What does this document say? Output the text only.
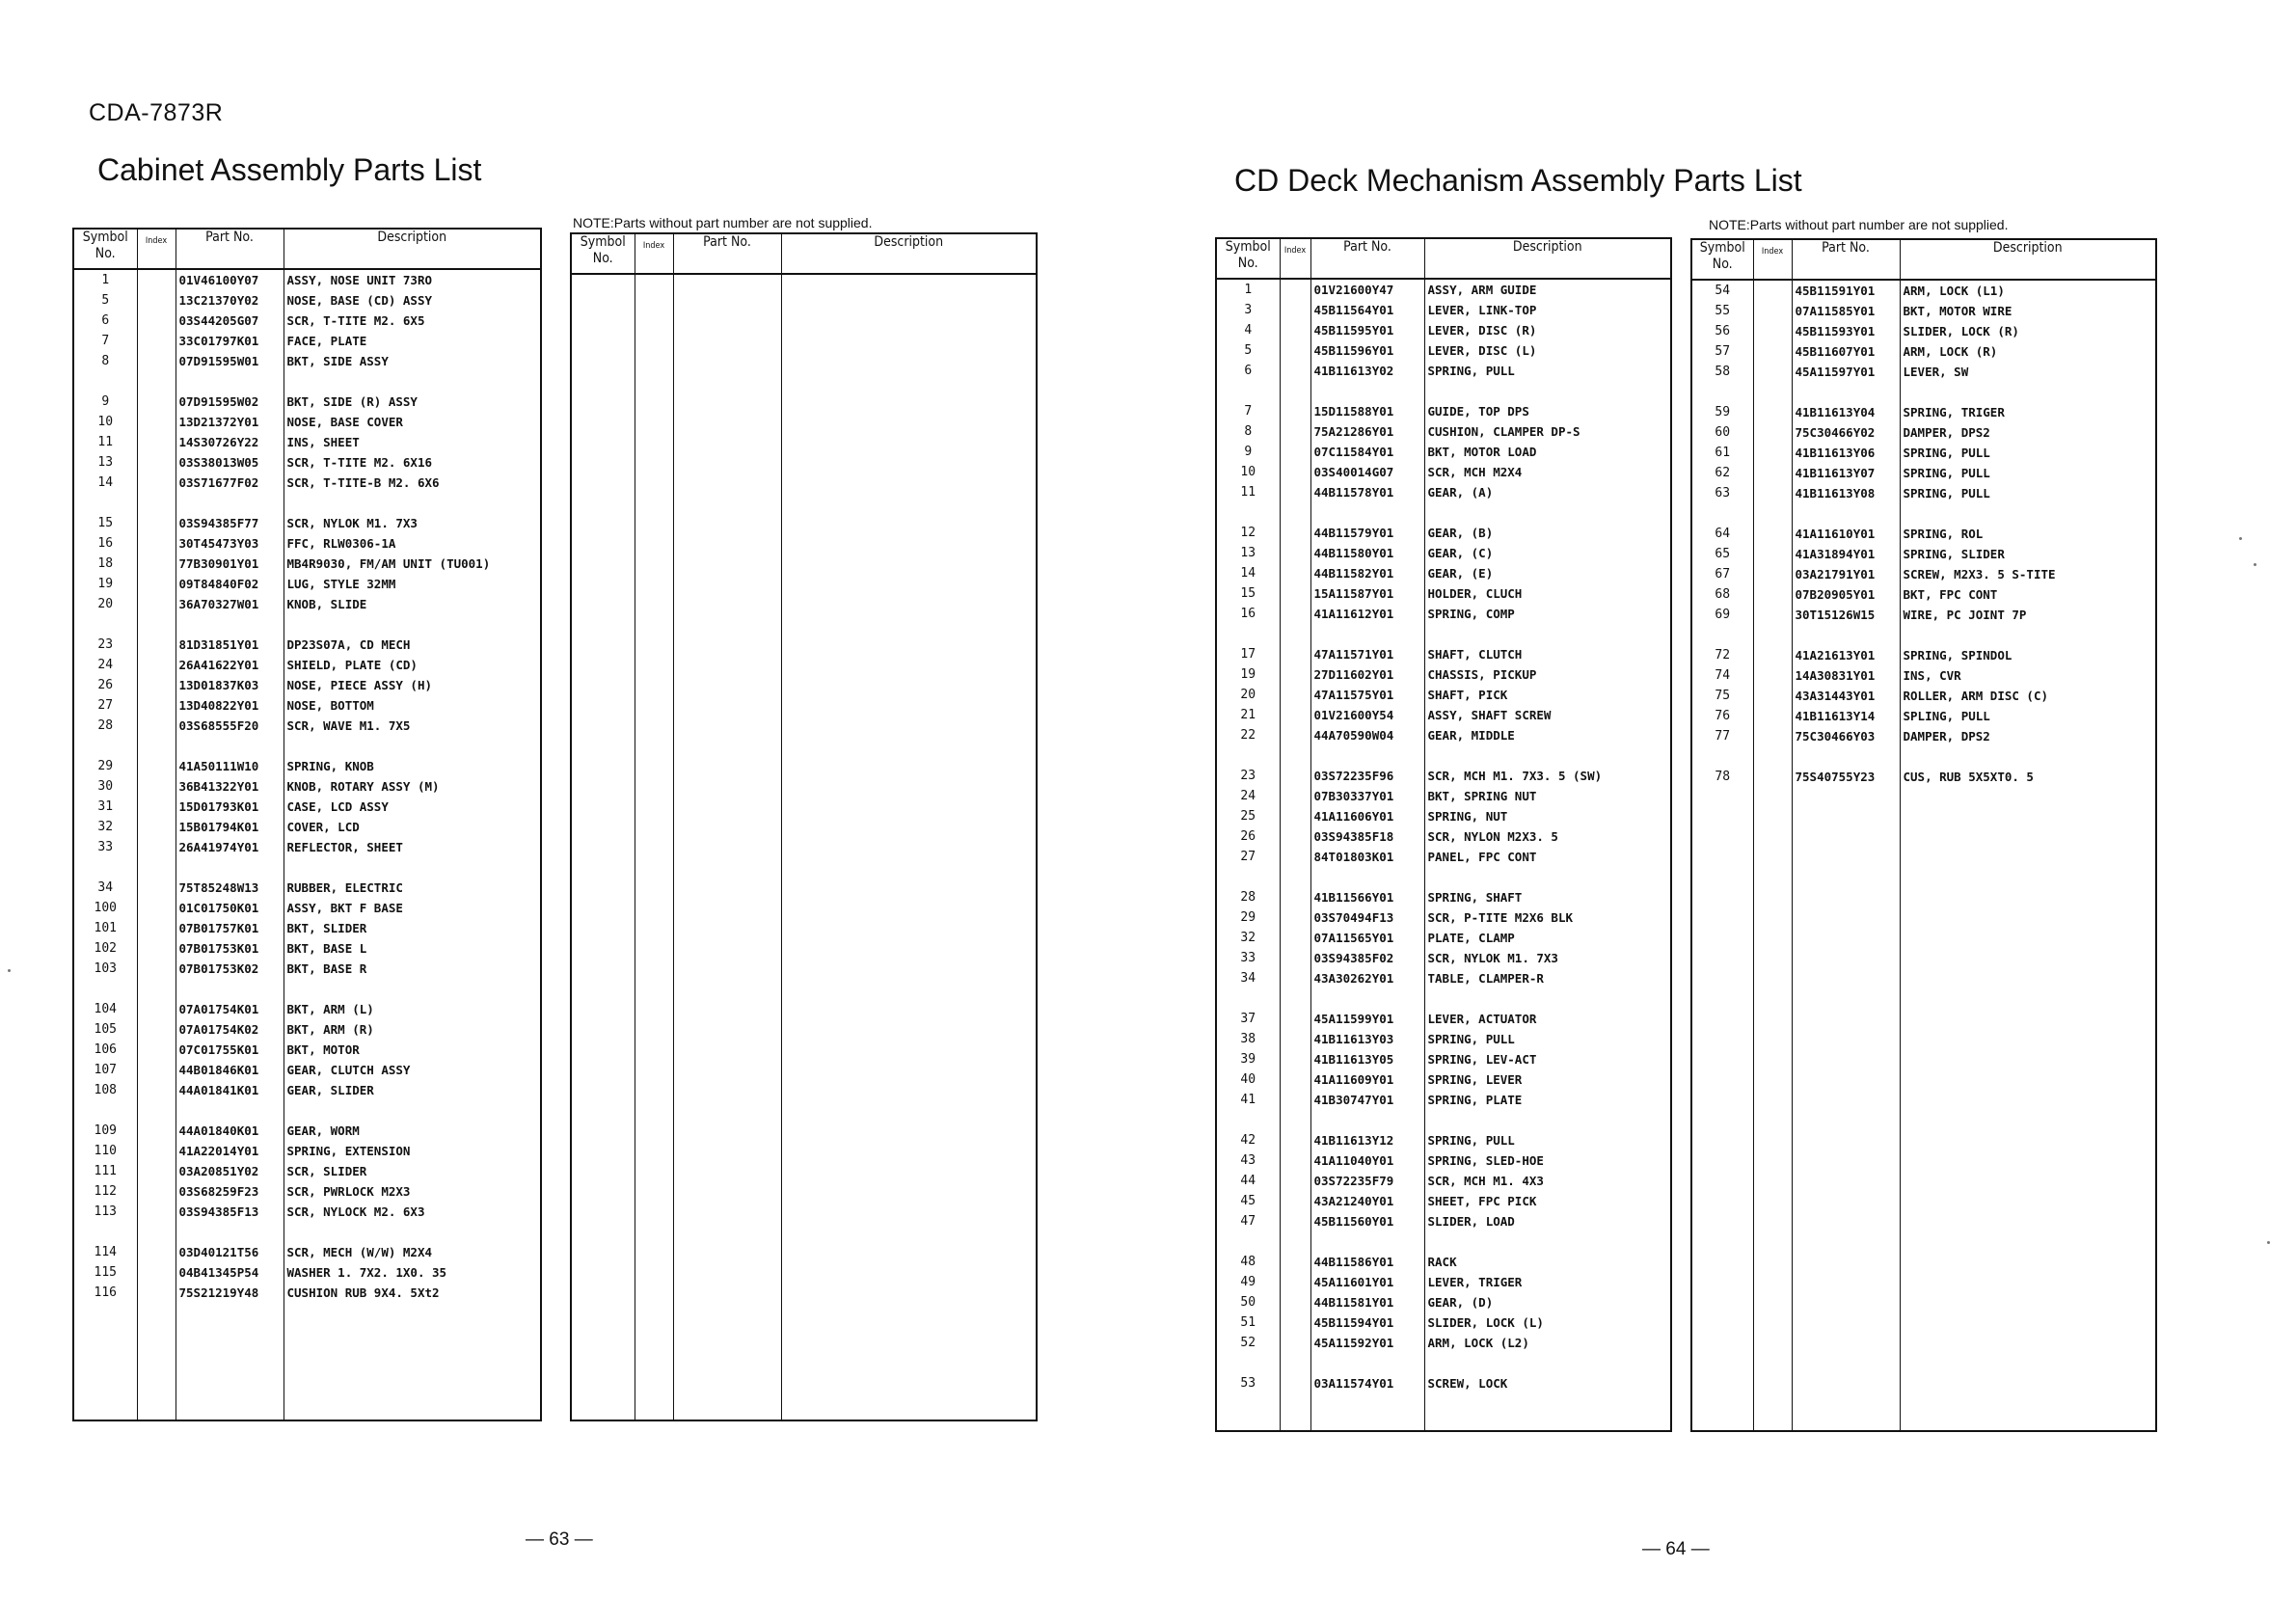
CDA-7873R
Cabinet Assembly Parts List	CD Deck Mechanism Assembly Parts List
NOTE:Parts without part number are not supplied.	NOTE:Parts without part number are not supplied.
Symbol No.	Index	Part No.	Description
1		01V46100Y07	ASSY, NOSE UNIT 73RO
5		13C21370Y02	NOSE, BASE (CD) ASSY
6		03S44205G07	SCR, T-TITE M2. 6X5
7		33C01797K01	FACE, PLATE
8		07D91595W01	BKT, SIDE ASSY

9		07D91595W02	BKT, SIDE (R) ASSY
10		13D21372Y01	NOSE, BASE COVER
11		14S30726Y22	INS, SHEET
13		03S38013W05	SCR, T-TITE M2. 6X16
14		03S71677F02	SCR, T-TITE-B M2. 6X6

15		03S94385F77	SCR, NYLOK M1. 7X3
16		30T45473Y03	FFC, RLW0306-1A
18		77B30901Y01	MB4R9030, FM/AM UNIT (TU001)
19		09T84840F02	LUG, STYLE 32MM
20		36A70327W01	KNOB, SLIDE

23		81D31851Y01	DP23S07A, CD MECH
24		26A41622Y01	SHIELD, PLATE (CD)
26		13D01837K03	NOSE, PIECE ASSY (H)
27		13D40822Y01	NOSE, BOTTOM
28		03S68555F20	SCR, WAVE M1. 7X5

29		41A50111W10	SPRING, KNOB
30		36B41322Y01	KNOB, ROTARY ASSY (M)
31		15D01793K01	CASE, LCD ASSY
32		15B01794K01	COVER, LCD
33		26A41974Y01	REFLECTOR, SHEET

34		75T85248W13	RUBBER, ELECTRIC
100		01C01750K01	ASSY, BKT F BASE
101		07B01757K01	BKT, SLIDER
102		07B01753K01	BKT, BASE L
103		07B01753K02	BKT, BASE R

104		07A01754K01	BKT, ARM (L)
105		07A01754K02	BKT, ARM (R)
106		07C01755K01	BKT, MOTOR
107		44B01846K01	GEAR, CLUTCH ASSY
108		44A01841K01	GEAR, SLIDER

109		44A01840K01	GEAR, WORM
110		41A22014Y01	SPRING, EXTENSION
111		03A20851Y02	SCR, SLIDER
112		03S68259F23	SCR, PWRLOCK M2X3
113		03S94385F13	SCR, NYLOCK M2. 6X3

114		03D40121T56	SCR, MECH (W/W) M2X4
115		04B41345P54	WASHER 1. 7X2. 1X0. 35
116		75S21219Y48	CUSHION RUB 9X4. 5Xt2

Symbol No.	Index	Part No.	Description
				Symbol No.	Index	Part No.	Description
1		01V21600Y47	ASSY, ARM GUIDE
3		45B11564Y01	LEVER, LINK-TOP
4		45B11595Y01	LEVER, DISC (R)
5		45B11596Y01	LEVER, DISC (L)
6		41B11613Y02	SPRING, PULL

7		15D11588Y01	GUIDE, TOP DPS
8		75A21286Y01	CUSHION, CLAMPER DP-S
9		07C11584Y01	BKT, MOTOR LOAD
10		03S40014G07	SCR, MCH M2X4
11		44B11578Y01	GEAR, (A)

12		44B11579Y01	GEAR, (B)
13		44B11580Y01	GEAR, (C)
14		44B11582Y01	GEAR, (E)
15		15A11587Y01	HOLDER, CLUCH
16		41A11612Y01	SPRING, COMP

17		47A11571Y01	SHAFT, CLUTCH
19		27D11602Y01	CHASSIS, PICKUP
20		47A11575Y01	SHAFT, PICK
21		01V21600Y54	ASSY, SHAFT SCREW
22		44A70590W04	GEAR, MIDDLE

23		03S72235F96	SCR, MCH M1. 7X3. 5 (SW)
24		07B30337Y01	BKT, SPRING NUT
25		41A11606Y01	SPRING, NUT
26		03S94385F18	SCR, NYLON M2X3. 5
27		84T01803K01	PANEL, FPC CONT

28		41B11566Y01	SPRING, SHAFT
29		03S70494F13	SCR, P-TITE M2X6 BLK
32		07A11565Y01	PLATE, CLAMP
33		03S94385F02	SCR, NYLOK M1. 7X3
34		43A30262Y01	TABLE, CLAMPER-R

37		45A11599Y01	LEVER, ACTUATOR
38		41B11613Y03	SPRING, PULL
39		41B11613Y05	SPRING, LEV-ACT
40		41A11609Y01	SPRING, LEVER
41		41B30747Y01	SPRING, PLATE

42		41B11613Y12	SPRING, PULL
43		41A11040Y01	SPRING, SLED-HOE
44		03S72235F79	SCR, MCH M1. 4X3
45		43A21240Y01	SHEET, FPC PICK
47		45B11560Y01	SLIDER, LOAD

48		44B11586Y01	RACK
49		45A11601Y01	LEVER, TRIGER
50		44B11581Y01	GEAR, (D)
51		45B11594Y01	SLIDER, LOCK (L)
52		45A11592Y01	ARM, LOCK (L2)

53		03A11574Y01	SCREW, LOCK

Symbol No.	Index	Part No.	Description
54		45B11591Y01	ARM, LOCK (L1)
55		07A11585Y01	BKT, MOTOR WIRE
56		45B11593Y01	SLIDER, LOCK (R)
57		45B11607Y01	ARM, LOCK (R)
58		45A11597Y01	LEVER, SW

59		41B11613Y04	SPRING, TRIGER
60		75C30466Y02	DAMPER, DPS2
61		41B11613Y06	SPRING, PULL
62		41B11613Y07	SPRING, PULL
63		41B11613Y08	SPRING, PULL

64		41A11610Y01	SPRING, ROL
65		41A31894Y01	SPRING, SLIDER
67		03A21791Y01	SCREW, M2X3. 5 S-TITE
68		07B20905Y01	BKT, FPC CONT
69		30T15126W15	WIRE, PC JOINT 7P

72		41A21613Y01	SPRING, SPINDOL
74		14A30831Y01	INS, CVR
75		43A31443Y01	ROLLER, ARM DISC (C)
76		41B11613Y14	SPLING, PULL
77		75C30466Y03	DAMPER, DPS2

78		75S40755Y23	CUS, RUB 5X5XT0. 5

— 63 —	— 64 —
